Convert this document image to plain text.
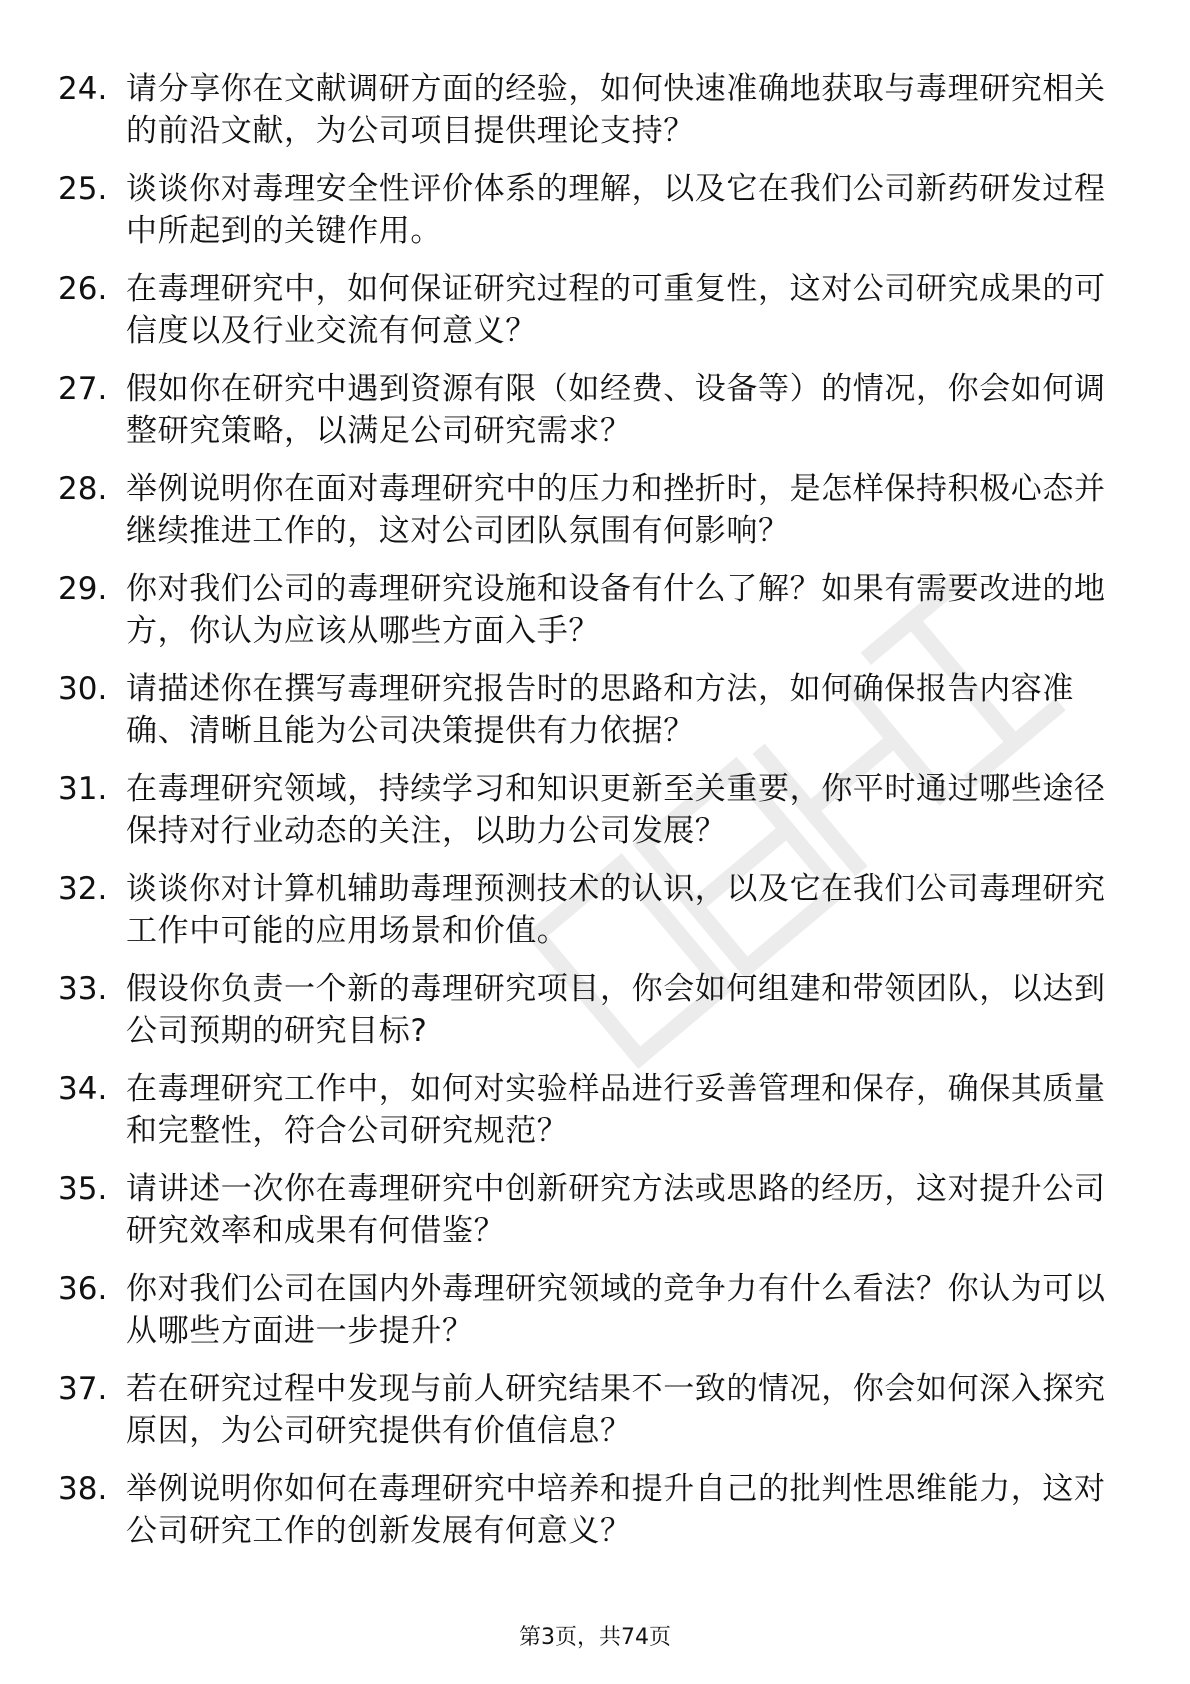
24. 请分享你在文献调研方面的经验，如何快速准确地获取与毒理研究相关的前沿文献，为公司项目提供理论支持？
25. 谈谈你对毒理安全性评价体系的理解，以及它在我们公司新药研发过程中所起到的关键作用。
26. 在毒理研究中，如何保证研究过程的可重复性，这对公司研究成果的可信度以及行业交流有何意义？
27. 假如你在研究中遇到资源有限（如经费、设备等）的情况，你会如何调整研究策略，以满足公司研究需求？
28. 举例说明你在面对毒理研究中的压力和挫折时，是怎样保持积极心态并继续推进工作的，这对公司团队氛围有何影响？
29. 你对我们公司的毒理研究设施和设备有什么了解？如果有需要改进的地方，你认为应该从哪些方面入手？
30. 请描述你在撰写毒理研究报告时的思路和方法，如何确保报告内容准确、清晰且能为公司决策提供有力依据？
31. 在毒理研究领域，持续学习和知识更新至关重要，你平时通过哪些途径保持对行业动态的关注，以助力公司发展？
32. 谈谈你对计算机辅助毒理预测技术的认识，以及它在我们公司毒理研究工作中可能的应用场景和价值。
33. 假设你负责一个新的毒理研究项目，你会如何组建和带领团队，以达到公司预期的研究目标?
34. 在毒理研究工作中，如何对实验样品进行妥善管理和保存，确保其质量和完整性，符合公司研究规范？
35. 请讲述一次你在毒理研究中创新研究方法或思路的经历，这对提升公司研究效率和成果有何借鉴？
36. 你对我们公司在国内外毒理研究领域的竞争力有什么看法？你认为可以从哪些方面进一步提升？
37. 若在研究过程中发现与前人研究结果不一致的情况，你会如何深入探究原因，为公司研究提供有价值信息？
38. 举例说明你如何在毒理研究中培养和提升自己的批判性思维能力，这对公司研究工作的创新发展有何意义？
第3页，共74页
